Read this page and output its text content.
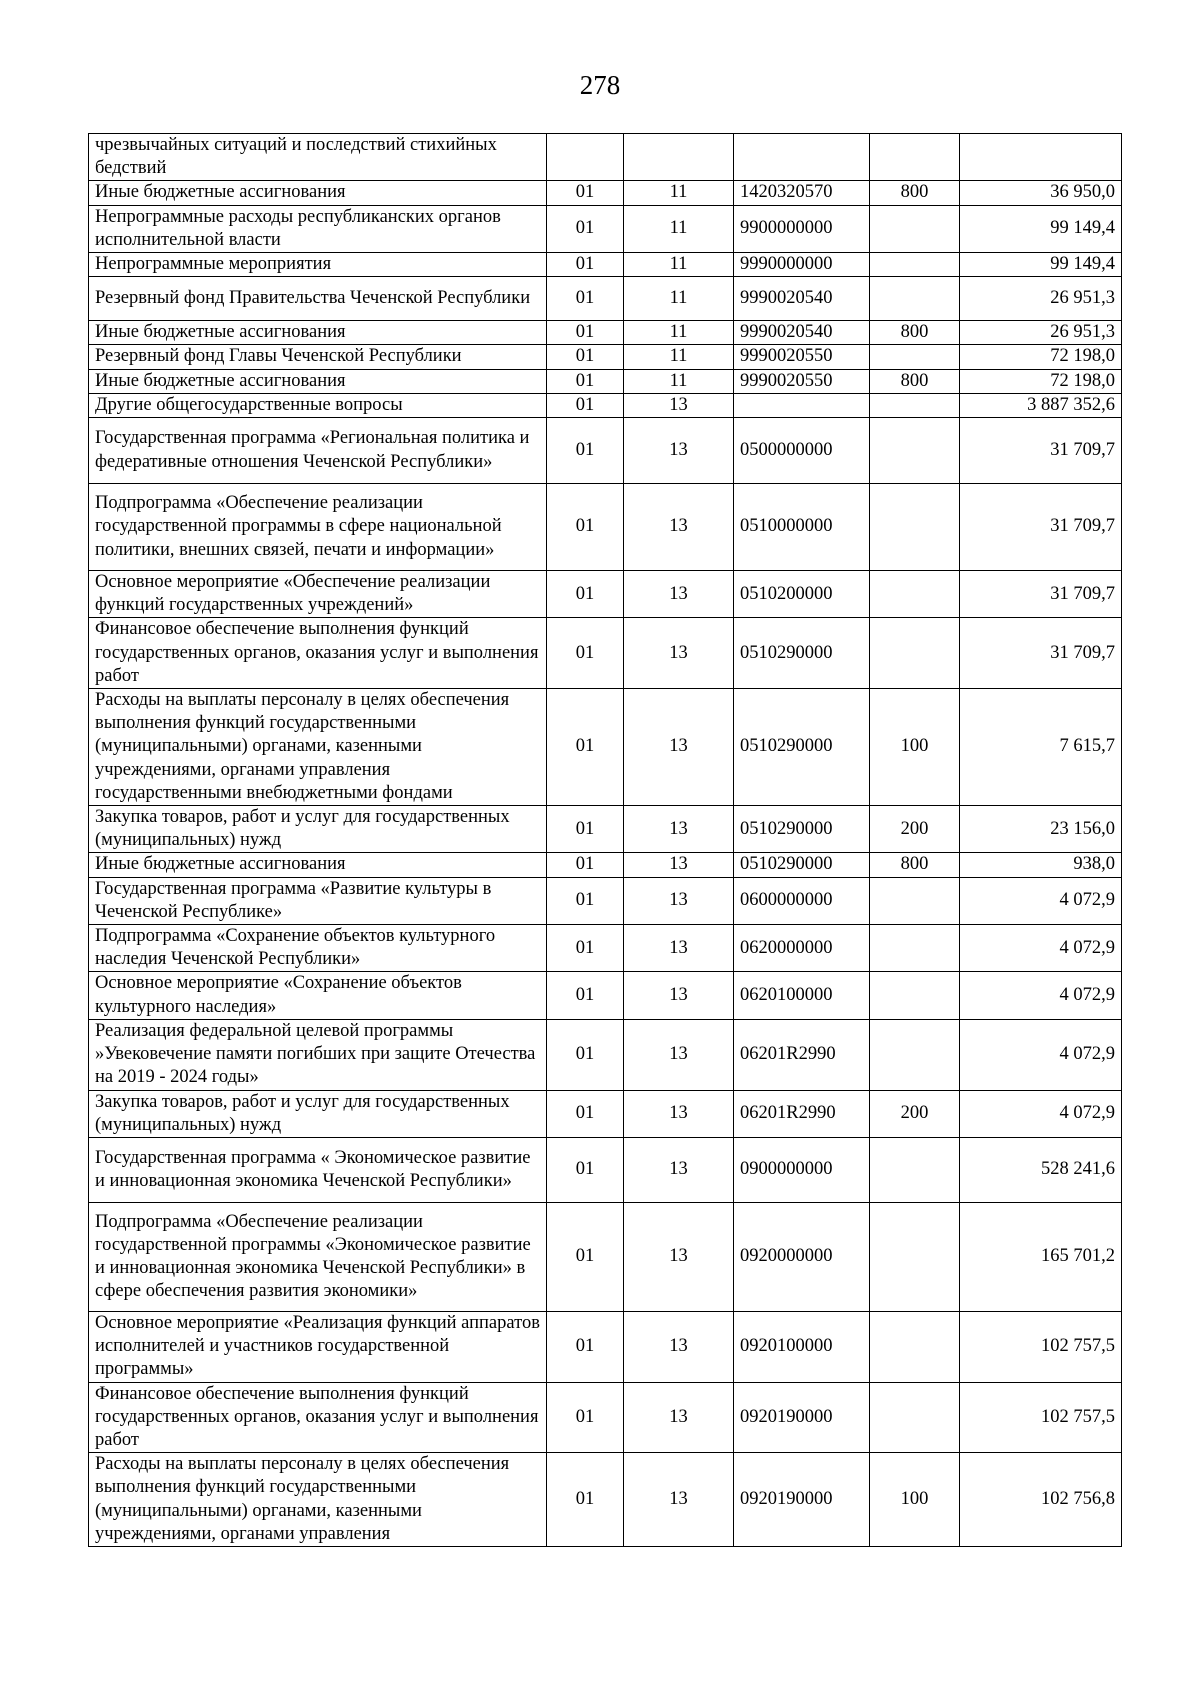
278
чрезвычайных ситуаций и последствий стихийных бедствий					
Иные бюджетные ассигнования	01	11	1420320570	800	36 950,0
Непрограммные расходы республиканских органов исполнительной власти	01	11	9900000000		99 149,4
Непрограммные мероприятия	01	11	9990000000		99 149,4
Резервный фонд Правительства Чеченской Республики	01	11	9990020540		26 951,3
Иные бюджетные ассигнования	01	11	9990020540	800	26 951,3
Резервный фонд Главы Чеченской Республики	01	11	9990020550		72 198,0
Иные бюджетные ассигнования	01	11	9990020550	800	72 198,0
Другие общегосударственные вопросы	01	13			3 887 352,6
Государственная программа «Региональная политика и федеративные отношения Чеченской Республики»	01	13	0500000000		31 709,7
Подпрограмма «Обеспечение реализации государственной программы в сфере национальной политики, внешних связей, печати и информации»	01	13	0510000000		31 709,7
Основное мероприятие «Обеспечение реализации функций государственных учреждений»	01	13	0510200000		31 709,7
Финансовое обеспечение выполнения функций государственных органов, оказания услуг и выполнения работ	01	13	0510290000		31 709,7
Расходы на выплаты персоналу в целях обеспечения выполнения функций государственными (муниципальными) органами, казенными учреждениями, органами управления государственными внебюджетными фондами	01	13	0510290000	100	7 615,7
Закупка товаров, работ и услуг для государственных (муниципальных) нужд	01	13	0510290000	200	23 156,0
Иные бюджетные ассигнования	01	13	0510290000	800	938,0
Государственная программа «Развитие культуры в Чеченской Республике»	01	13	0600000000		4 072,9
Подпрограмма «Сохранение объектов культурного наследия Чеченской Республики»	01	13	0620000000		4 072,9
Основное мероприятие «Сохранение объектов культурного наследия»	01	13	0620100000		4 072,9
Реализация федеральной целевой программы »Увековечение памяти погибших при защите Отечества на 2019 - 2024 годы»	01	13	06201R2990		4 072,9
Закупка товаров, работ и услуг для государственных (муниципальных) нужд	01	13	06201R2990	200	4 072,9
Государственная программа « Экономическое развитие и инновационная экономика Чеченской Республики»	01	13	0900000000		528 241,6
Подпрограмма «Обеспечение реализации государственной программы «Экономическое развитие и инновационная экономика Чеченской Республики» в сфере обеспечения развития экономики»	01	13	0920000000		165 701,2
Основное мероприятие «Реализация функций аппаратов исполнителей и участников государственной программы»	01	13	0920100000		102 757,5
Финансовое обеспечение выполнения функций государственных органов, оказания услуг и выполнения работ	01	13	0920190000		102 757,5
Расходы на выплаты персоналу в целях обеспечения выполнения функций государственными (муниципальными) органами, казенными учреждениями, органами управления	01	13	0920190000	100	102 756,8
